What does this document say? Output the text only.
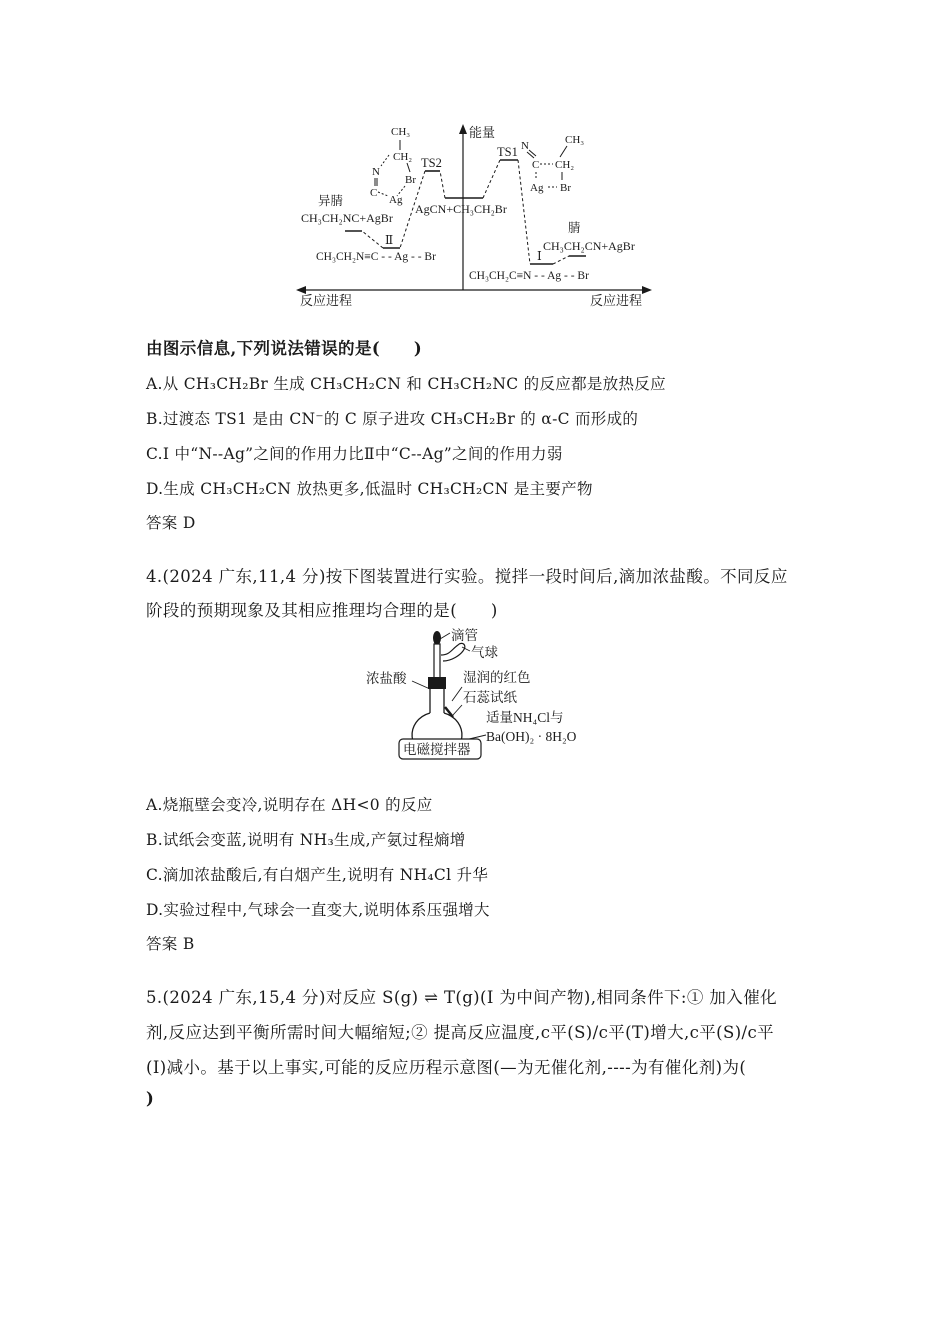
能量
反应进程	反应进程
TS2
TS1
AgCN+CH₃CH₂Br
异腈
CH₃CH₂NC+AgBr
Ⅱ
CH₃CH₂N≡C - - Ag - - Br
腈
CH₃CH₂CN+AgBr
Ⅰ
CH₃CH₂C≡N - - Ag - - Br
CH₃
CH₂
N
Br
C
Ag
N
C CH₂
CH₃
Ag Br
由图示信息,下列说法错误的是(　　)
A.从 CH₃CH₂Br 生成 CH₃CH₂CN 和 CH₃CH₂NC 的反应都是放热反应
B.过渡态 TS1 是由 CN⁻的 C 原子进攻 CH₃CH₂Br 的 α-C 而形成的
C.Ⅰ 中“N--Ag”之间的作用力比Ⅱ中“C--Ag”之间的作用力弱
D.生成 CH₃CH₂CN 放热更多,低温时 CH₃CH₂CN 是主要产物
答案 D
4.(2024 广东,11,4 分)按下图装置进行实验。搅拌一段时间后,滴加浓盐酸。不同反应
阶段的预期现象及其相应推理均合理的是(　　)
滴管
气球
浓盐酸	湿润的红色
石蕊试纸
适量NH₄Cl与
Ba(OH)₂ · 8H₂O
电磁搅拌器
A.烧瓶壁会变冷,说明存在 ΔH<0 的反应
B.试纸会变蓝,说明有 NH₃生成,产氨过程熵增
C.滴加浓盐酸后,有白烟产生,说明有 NH₄Cl 升华
D.实验过程中,气球会一直变大,说明体系压强增大
答案 B
5.(2024 广东,15,4 分)对反应 S(g) ⇌ T(g)(I 为中间产物),相同条件下:① 加入催化
剂,反应达到平衡所需时间大幅缩短;② 提高反应温度,c平(S)/c平(T)增大,c平(S)/c平
(I)减小。基于以上事实,可能的反应历程示意图(—为无催化剂,----为有催化剂)为(
)
